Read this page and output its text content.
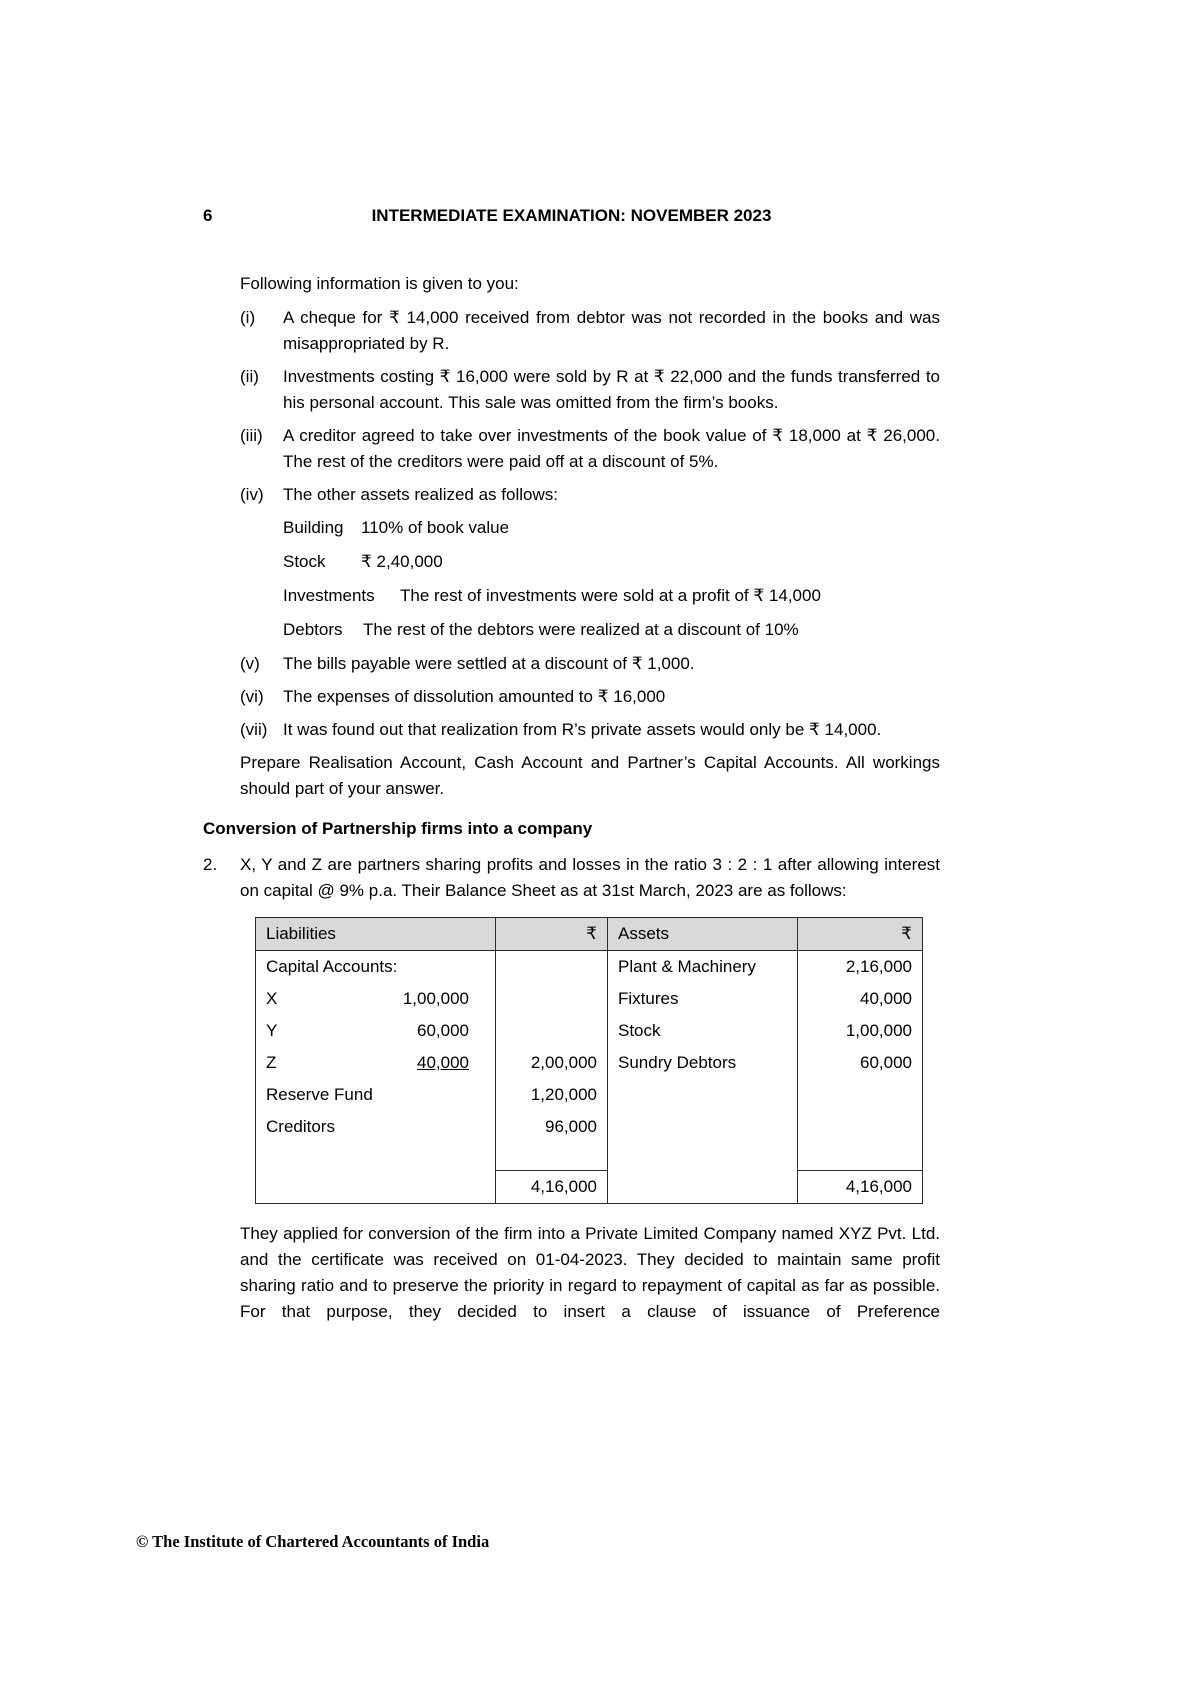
6	INTERMEDIATE EXAMINATION: NOVEMBER 2023
Following information is given to you:
(i)	A cheque for ₹ 14,000 received from debtor was not recorded in the books and was misappropriated by R.
(ii)	Investments costing ₹ 16,000 were sold by R at ₹ 22,000 and the funds transferred to his personal account. This sale was omitted from the firm’s books.
(iii)	A creditor agreed to take over investments of the book value of ₹ 18,000 at ₹ 26,000. The rest of the creditors were paid off at a discount of 5%.
(iv)	The other assets realized as follows:
Building 110% of book value
Stock ₹ 2,40,000
Investments The rest of investments were sold at a profit of ₹ 14,000
Debtors The rest of the debtors were realized at a discount of 10%
(v)	The bills payable were settled at a discount of ₹ 1,000.
(vi)	The expenses of dissolution amounted to ₹ 16,000
(vii) It was found out that realization from R’s private assets would only be ₹ 14,000.
Prepare Realisation Account, Cash Account and Partner’s Capital Accounts. All workings should part of your answer.
Conversion of Partnership firms into a company
2.	X, Y and Z are partners sharing profits and losses in the ratio 3 : 2 : 1 after allowing interest on capital @ 9% p.a. Their Balance Sheet as at 31st March, 2023 are as follows:
Liabilities	₹	Assets	₹
Capital Accounts:		Plant & Machinery	2,16,000
X 1,00,000		Fixtures	40,000
Y 60,000		Stock	1,00,000
Z 40,000	2,00,000	Sundry Debtors	60,000
Reserve Fund	1,20,000		
Creditors	96,000		

	4,16,000		4,16,000
They applied for conversion of the firm into a Private Limited Company named XYZ Pvt. Ltd. and the certificate was received on 01-04-2023. They decided to maintain same profit sharing ratio and to preserve the priority in regard to repayment of capital as far as possible. For that purpose, they decided to insert a clause of issuance of Preference
© The Institute of Chartered Accountants of India
